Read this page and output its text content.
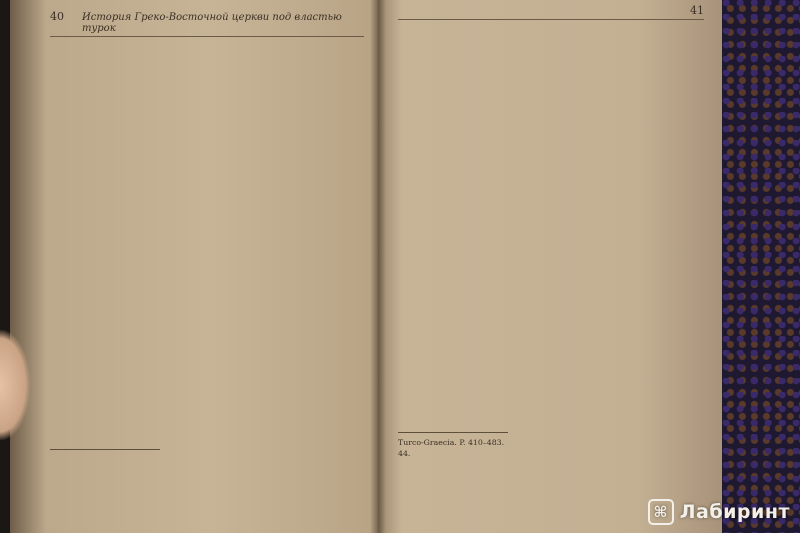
40 История Греко-Восточной церкви под властью турок
41
Turco-Graecia. P. 410–483.
44.
⌘ Лабиринт
